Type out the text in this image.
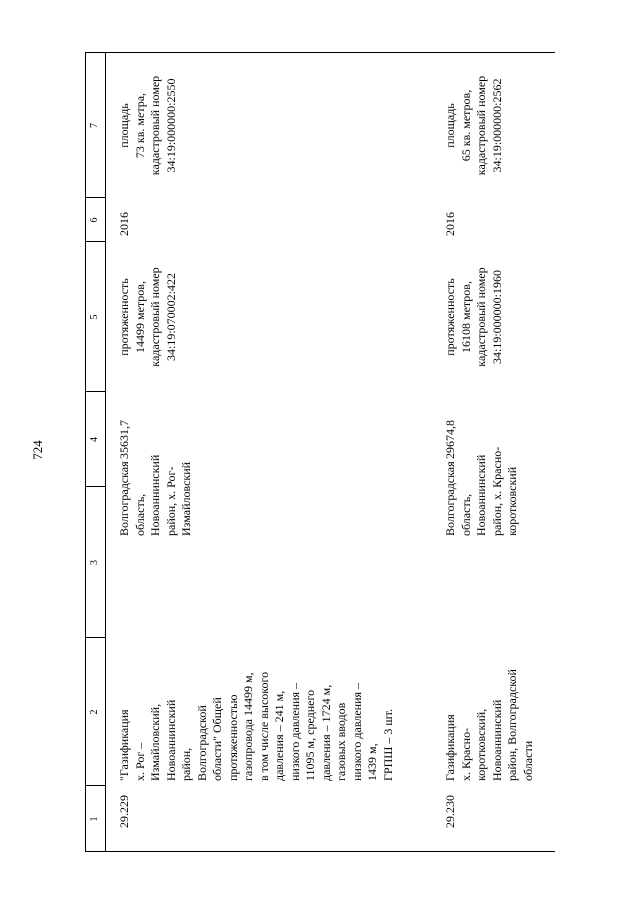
724
1
2
3
4
5
6
7
29.229
"Газификация
х. Рог –
Измайловский,
Новоаннинский
район,
Волгоградской
области" Общей
протяженностью
газопровода 14499 м,
в том числе высокого
давления – 241 м,
низкого давления –
11095 м, среднего
давления – 1724 м,
газовых вводов
низкого давления –
1439 м,
ГРПШ – 3 шт.
Волгоградская
область,
Новоаннинский
район, х. Рог-
Измайловский
35631,7
протяженность
14499 метров,
кадастровый номер
34:19:070002:422
2016
площадь
73 кв. метра,
кадастровый номер
34:19:000000:2550
29.230
Газификация
х. Красно-
коротковский,
Новоаннинский
район, Волгоградской
области
Волгоградская
область,
Новоаннинский
район, х. Красно-
коротковский
29674,8
протяженность
16108 метров,
кадастровый номер
34:19:000000:1960
2016
площадь
65 кв. метров,
кадастровый номер
34:19:000000:2562
